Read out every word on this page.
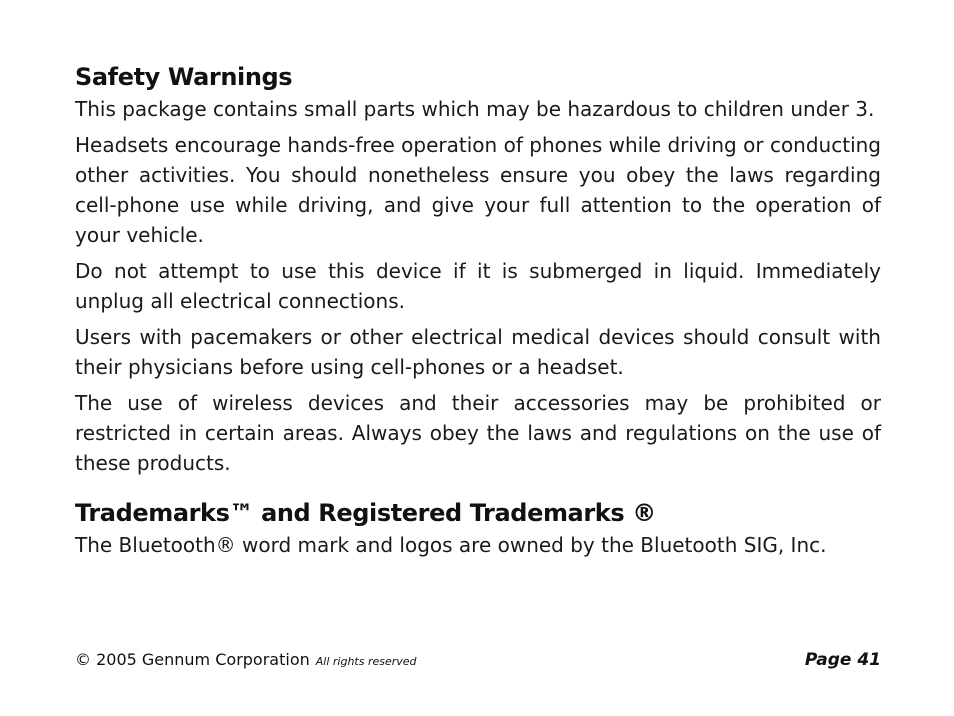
Safety Warnings

This package contains small parts which may be hazardous to children under 3.

Headsets encourage hands-free operation of phones while driving or conducting other activities. You should nonetheless ensure you obey the laws regarding cell-phone use while driving, and give your full attention to the operation of your vehicle.

Do not attempt to use this device if it is submerged in liquid. Immediately unplug all electrical connections.

Users with pacemakers or other electrical medical devices should consult with their physicians before using cell-phones or a headset.

The use of wireless devices and their accessories may be prohibited or restricted in certain areas. Always obey the laws and regulations on the use of these products.

Trademarks™ and Registered Trademarks ®

The Bluetooth® word mark and logos are owned by the Bluetooth SIG, Inc.

© 2005 Gennum Corporation All rights reserved	Page 41
